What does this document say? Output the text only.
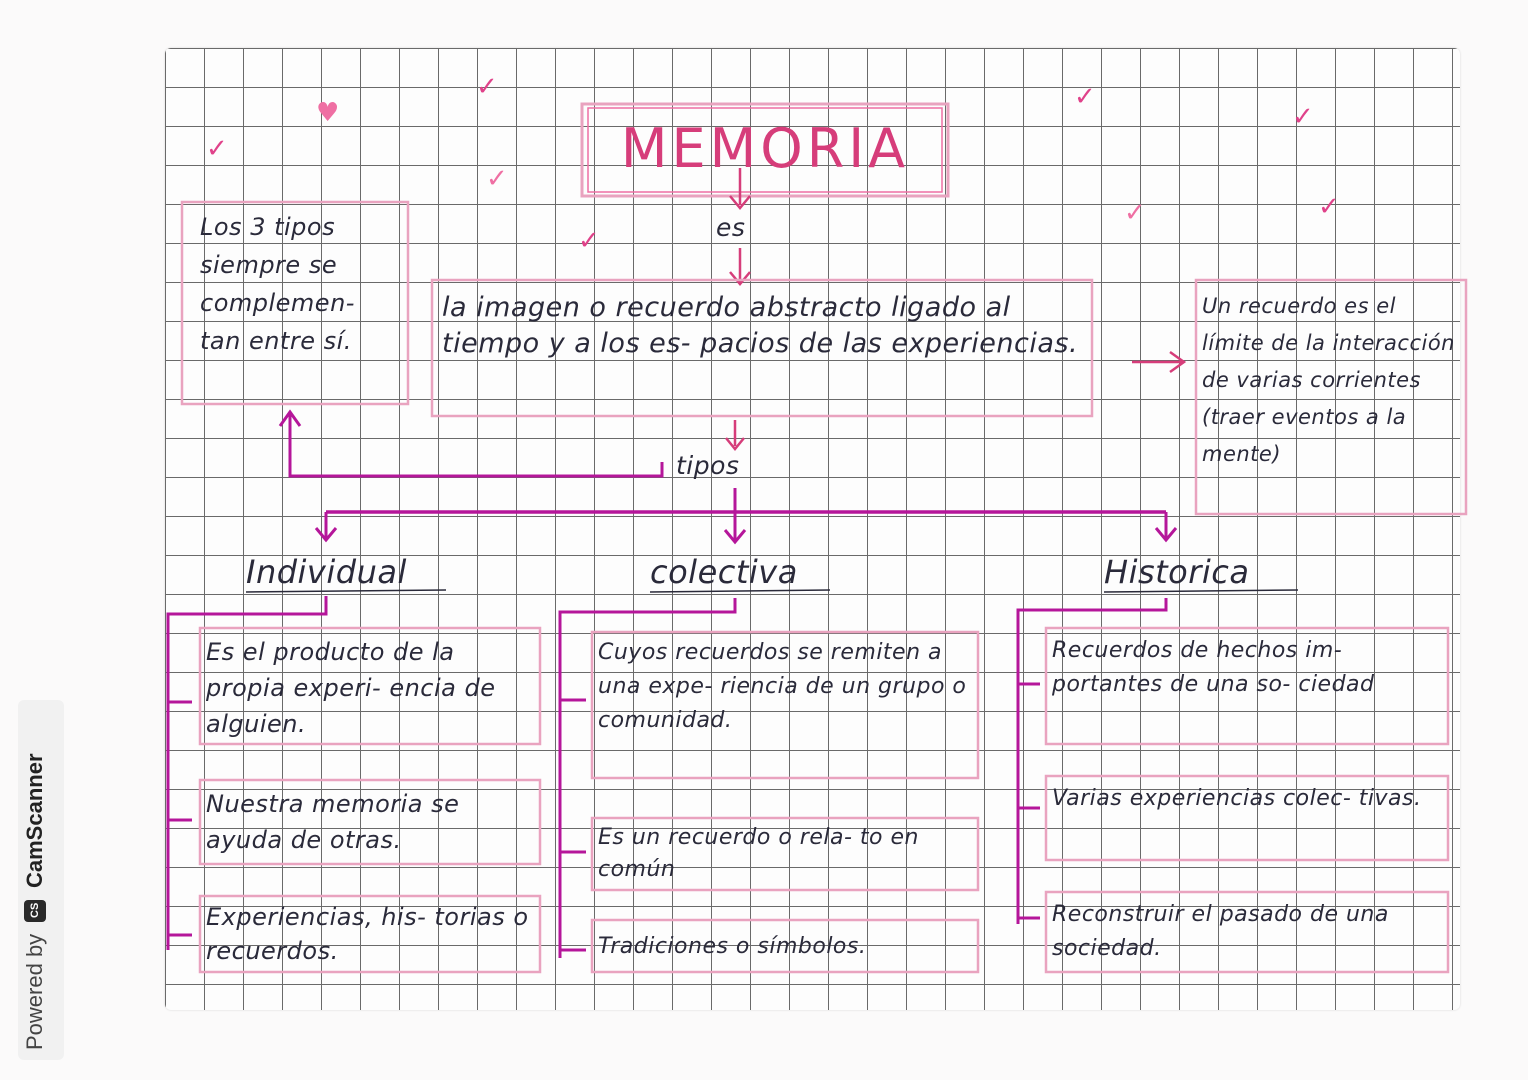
Powered by
CS
CamScanner
✓
♥
✓
✓
✓
✓
✓
✓
✓
MEMORIA
es
tipos
la imagen o recuerdo abstracto ligado al tiempo y a los es- pacios de las experiencias.
Los 3 tipos siempre se complemen- tan entre sí.
Un recuerdo es el límite de la interacción de varias corrientes (traer eventos a la mente)
Individual	colectiva	Historica
Es el producto de la propia experi- encia de alguien.
Nuestra memoria se ayuda de otras.
Experiencias, his- torias o recuerdos.
Cuyos recuerdos se remiten a una expe- riencia de un grupo o comunidad.
Es un recuerdo o rela- to en común
Tradiciones o símbolos.
Recuerdos de hechos im- portantes de una so- ciedad
Varias experiencias colec- tivas.
Reconstruir el pasado de una sociedad.
